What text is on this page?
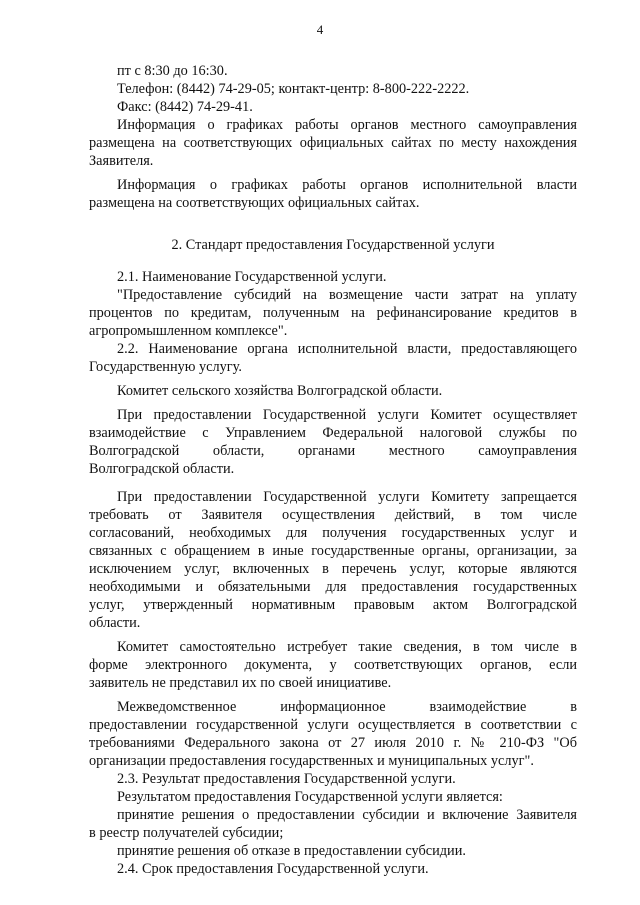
4
пт с 8:30 до 16:30.
Телефон: (8442) 74-29-05; контакт-центр: 8-800-222-2222.
Факс: (8442) 74-29-41.
Информация о графиках работы органов местного самоуправления
размещена на соответствующих официальных сайтах по месту нахождения
Заявителя.
Информация о графиках работы органов исполнительной власти
размещена на соответствующих официальных сайтах.
2. Стандарт предоставления Государственной услуги
2.1. Наименование Государственной услуги.
"Предоставление субсидий на возмещение части затрат на уплату
процентов по кредитам, полученным на рефинансирование кредитов в
агропромышленном комплексе".
2.2. Наименование органа исполнительной власти, предоставляющего
Государственную услугу.
Комитет сельского хозяйства Волгоградской области.
При предоставлении Государственной услуги Комитет осуществляет
взаимодействие с Управлением Федеральной налоговой службы по
Волгоградской области, органами местного самоуправления
Волгоградской области.
При предоставлении Государственной услуги Комитету запрещается
требовать от Заявителя осуществления действий, в том числе
согласований, необходимых для получения государственных услуг и
связанных с обращением в иные государственные органы, организации, за
исключением услуг, включенных в перечень услуг, которые являются
необходимыми и обязательными для предоставления государственных
услуг, утвержденный нормативным правовым актом Волгоградской
области.
Комитет самостоятельно истребует такие сведения, в том числе в
форме электронного документа, у соответствующих органов, если
заявитель не представил их по своей инициативе.
Межведомственное информационное взаимодействие в
предоставлении государственной услуги осуществляется в соответствии с
требованиями Федерального закона от 27 июля 2010 г. № 210-ФЗ "Об
организации предоставления государственных и муниципальных услуг".
2.3. Результат предоставления Государственной услуги.
Результатом предоставления Государственной услуги является:
принятие решения о предоставлении субсидии и включение Заявителя
в реестр получателей субсидии;
принятие решения об отказе в предоставлении субсидии.
2.4. Срок предоставления Государственной услуги.
